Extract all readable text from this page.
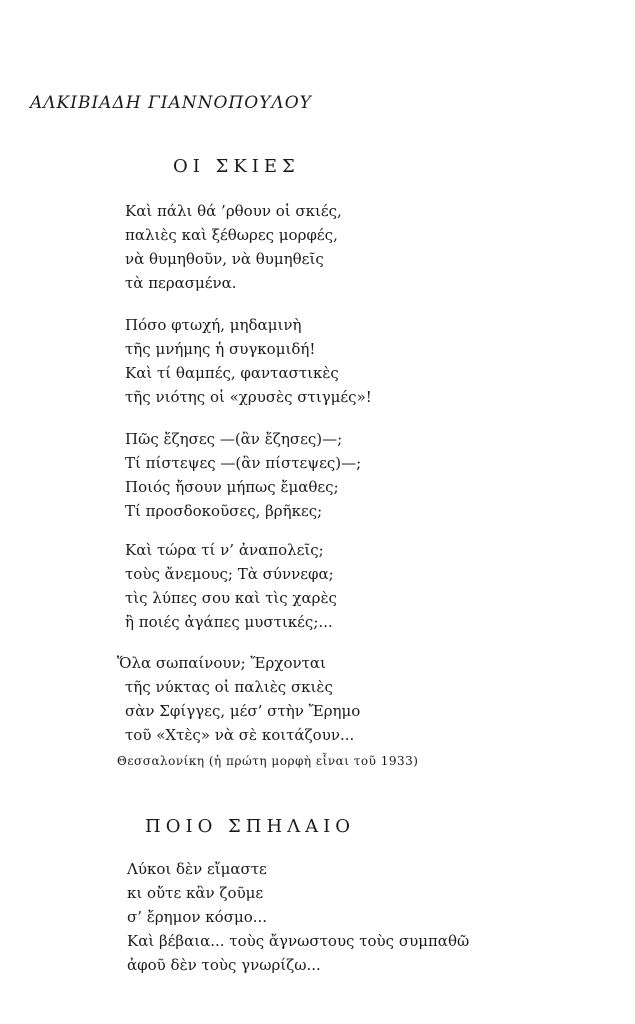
ΑΛΚΙΒΙΑΔΗ ΓΙΑΝΝΟΠΟΥΛΟΥ
ΟΙ ΣΚΙΕΣ
Καὶ πάλι θά ’ρθουν οἱ σκιές,
παλιὲς καὶ ξέθωρες μορφές,
νὰ θυμηθοῦν, νὰ θυμηθεῖς
τὰ περασμένα.
Πόσο φτωχή, μηδαμινὴ
τῆς μνήμης ἡ συγκομιδή!
Καὶ τί θαμπές, φανταστικὲς
τῆς νιότης οἱ «χρυσὲς στιγμές»!
Πῶς ἔζησες —(ἂν ἔζησες)—;
Τί πίστεψες —(ἂν πίστεψες)—;
Ποιός ἤσουν μήπως ἔμαθες;
Τί προσδοκοῦσες, βρῆκες;
Καὶ τώρα τί ν’ ἀναπολεῖς;
τοὺς ἄνεμους; Τὰ σύννεφα;
τὶς λύπες σου καὶ τὶς χαρὲς
ἢ ποιές ἀγάπες μυστικές;...
Ὅλα σωπαίνουν; Ἔρχονται
τῆς νύκτας οἱ παλιὲς σκιὲς
σὰν Σφίγγες, μέσ’ στὴν Ἔρημο
τοῦ «Χτὲς» νὰ σὲ κοιτάζουν...
Θεσσαλονίκη (ἡ πρώτη μορφὴ εἶναι τοῦ 1933)
ΠΟΙΟ ΣΠΗΛΑΙΟ
Λύκοι δὲν εἴμαστε
κι οὔτε κἂν ζοῦμε
σ’ ἔρημον κόσμο...
Καὶ βέβαια... τοὺς ἄγνωστους τοὺς συμπαθῶ
ἀφοῦ δὲν τοὺς γνωρίζω...
